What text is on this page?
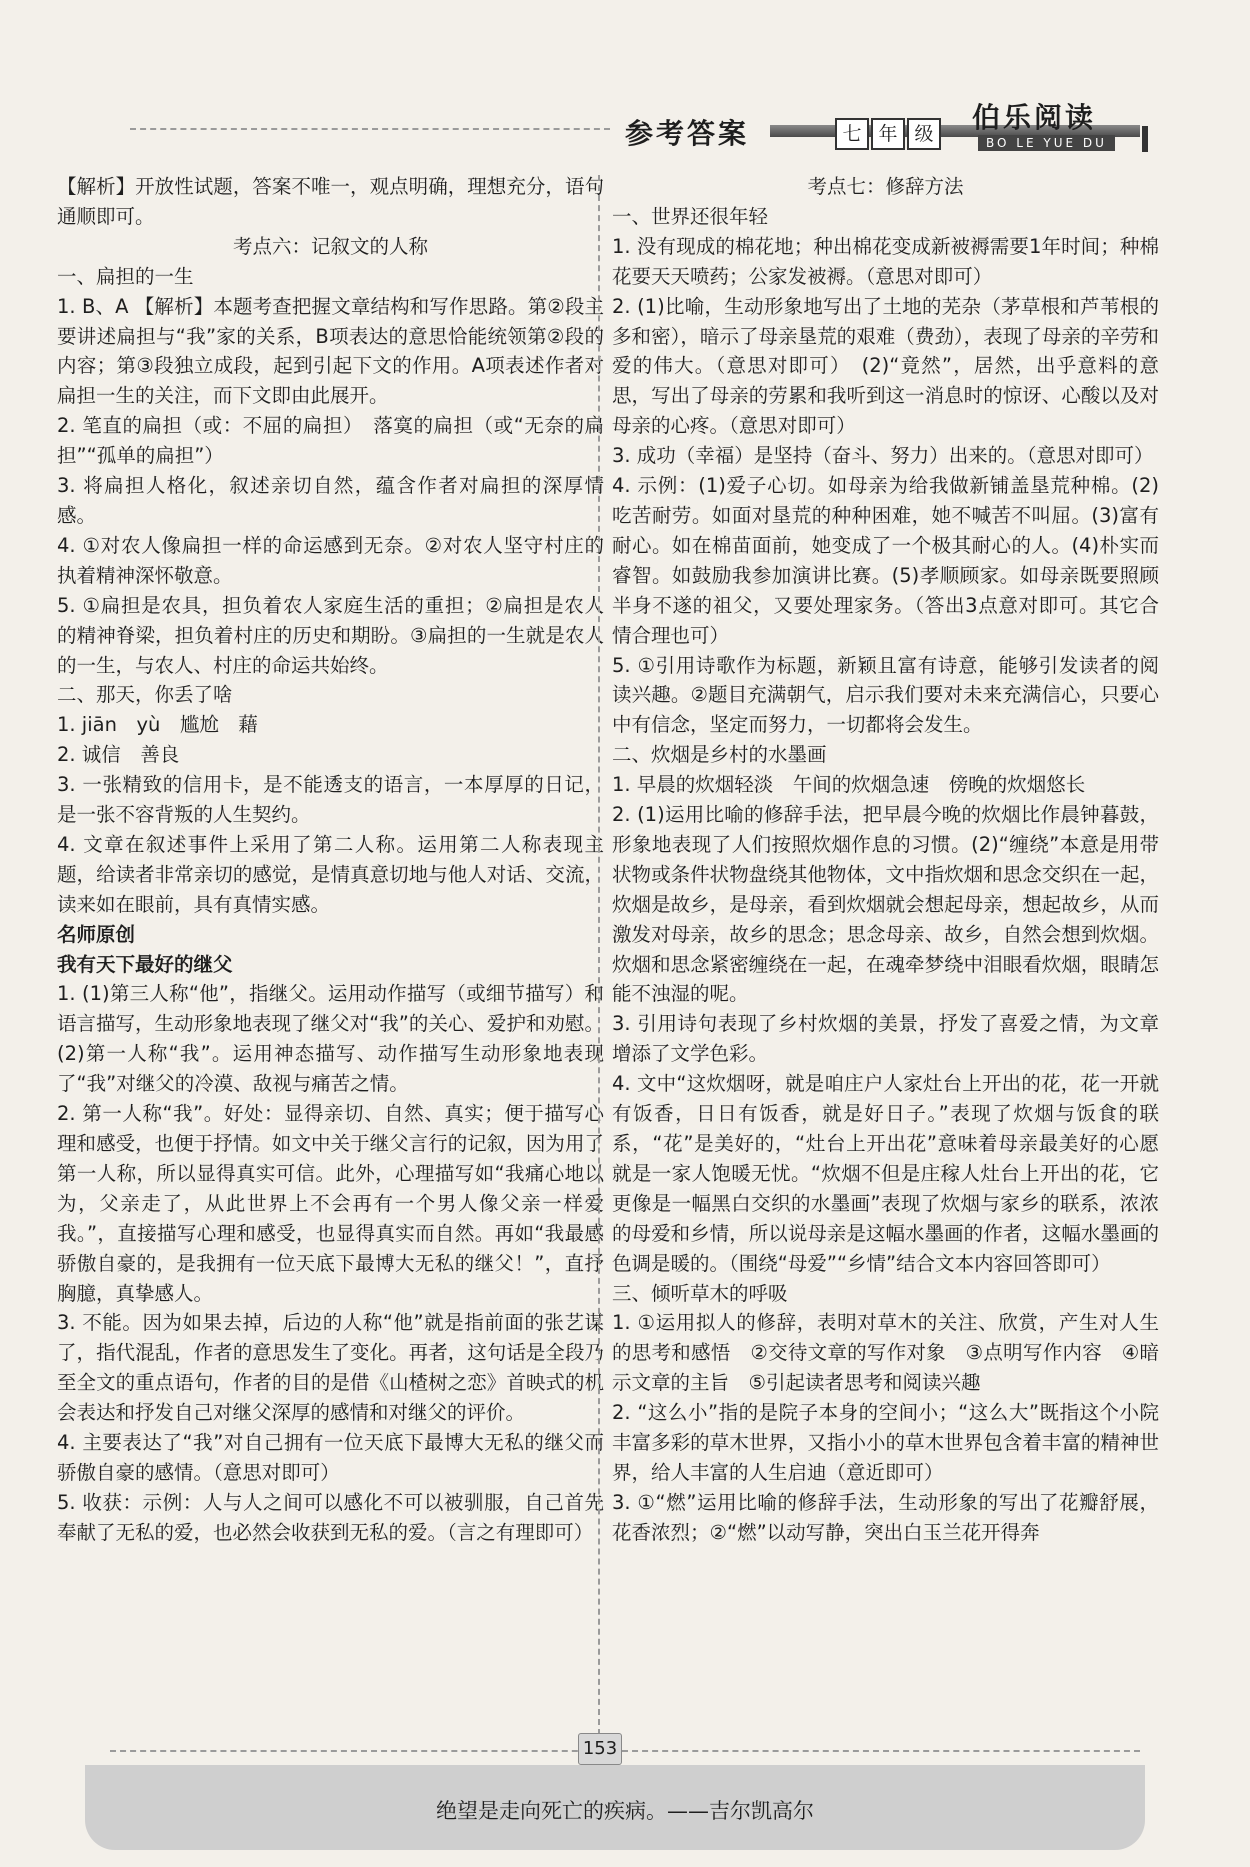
参考答案	七 年 级 伯乐阅读
BO LE YUE DU

【解析】开放性试题，答案不唯一，观点明确，理想充分，语句通顺即可。

考点六：记叙文的人称

一、扁担的一生

1. B、A 【解析】本题考查把握文章结构和写作思路。第②段主要讲述扁担与“我”家的关系，B项表达的意思恰能统领第②段的内容；第③段独立成段，起到引起下文的作用。A项表述作者对扁担一生的关注，而下文即由此展开。

2. 笔直的扁担（或：不屈的扁担）　落寞的扁担（或“无奈的扁担”“孤单的扁担”）

3. 将扁担人格化，叙述亲切自然，蕴含作者对扁担的深厚情感。

4. ①对农人像扁担一样的命运感到无奈。②对农人坚守村庄的执着精神深怀敬意。

5. ①扁担是农具，担负着农人家庭生活的重担；②扁担是农人的精神脊梁，担负着村庄的历史和期盼。③扁担的一生就是农人的一生，与农人、村庄的命运共始终。

二、那天，你丢了啥

1. jiān　yù　尴尬　藉

2. 诚信　善良

3. 一张精致的信用卡，是不能透支的语言，一本厚厚的日记，是一张不容背叛的人生契约。

4. 文章在叙述事件上采用了第二人称。运用第二人称表现主题，给读者非常亲切的感觉，是情真意切地与他人对话、交流，读来如在眼前，具有真情实感。

名师原创

我有天下最好的继父

1. (1)第三人称“他”，指继父。运用动作描写（或细节描写）和语言描写，生动形象地表现了继父对“我”的关心、爱护和劝慰。(2)第一人称“我”。运用神态描写、动作描写生动形象地表现了“我”对继父的冷漠、敌视与痛苦之情。

2. 第一人称“我”。好处：显得亲切、自然、真实；便于描写心理和感受，也便于抒情。如文中关于继父言行的记叙，因为用了第一人称，所以显得真实可信。此外，心理描写如“我痛心地以为，父亲走了，从此世界上不会再有一个男人像父亲一样爱我。”，直接描写心理和感受，也显得真实而自然。再如“我最感骄傲自豪的，是我拥有一位天底下最博大无私的继父！”，直抒胸臆，真挚感人。

3. 不能。因为如果去掉，后边的人称“他”就是指前面的张艺谋了，指代混乱，作者的意思发生了变化。再者，这句话是全段乃至全文的重点语句，作者的目的是借《山楂树之恋》首映式的机会表达和抒发自己对继父深厚的感情和对继父的评价。

4. 主要表达了“我”对自己拥有一位天底下最博大无私的继父而骄傲自豪的感情。（意思对即可）

5. 收获：示例：人与人之间可以感化不可以被驯服，自己首先奉献了无私的爱，也必然会收获到无私的爱。（言之有理即可）

考点七：修辞方法

一、世界还很年轻

1. 没有现成的棉花地；种出棉花变成新被褥需要1年时间；种棉花要天天喷药；公家发被褥。（意思对即可）

2. (1)比喻，生动形象地写出了土地的芜杂（茅草根和芦苇根的多和密），暗示了母亲垦荒的艰难（费劲），表现了母亲的辛劳和爱的伟大。（意思对即可）　(2)“竟然”，居然，出乎意料的意思，写出了母亲的劳累和我听到这一消息时的惊讶、心酸以及对母亲的心疼。（意思对即可）

3. 成功（幸福）是坚持（奋斗、努力）出来的。（意思对即可）

4. 示例：(1)爱子心切。如母亲为给我做新铺盖垦荒种棉。(2)吃苦耐劳。如面对垦荒的种种困难，她不喊苦不叫屈。(3)富有耐心。如在棉苗面前，她变成了一个极其耐心的人。(4)朴实而睿智。如鼓励我参加演讲比赛。(5)孝顺顾家。如母亲既要照顾半身不遂的祖父，又要处理家务。（答出3点意对即可。其它合情合理也可）

5. ①引用诗歌作为标题，新颖且富有诗意，能够引发读者的阅读兴趣。②题目充满朝气，启示我们要对未来充满信心，只要心中有信念，坚定而努力，一切都将会发生。

二、炊烟是乡村的水墨画

1. 早晨的炊烟轻淡　午间的炊烟急速　傍晚的炊烟悠长

2. (1)运用比喻的修辞手法，把早晨今晚的炊烟比作晨钟暮鼓，形象地表现了人们按照炊烟作息的习惯。(2)“缠绕”本意是用带状物或条件状物盘绕其他物体，文中指炊烟和思念交织在一起，炊烟是故乡，是母亲，看到炊烟就会想起母亲，想起故乡，从而激发对母亲，故乡的思念；思念母亲、故乡，自然会想到炊烟。炊烟和思念紧密缠绕在一起，在魂牵梦绕中泪眼看炊烟，眼睛怎能不浊湿的呢。

3. 引用诗句表现了乡村炊烟的美景，抒发了喜爱之情，为文章增添了文学色彩。

4. 文中“这炊烟呀，就是咱庄户人家灶台上开出的花，花一开就有饭香，日日有饭香，就是好日子。”表现了炊烟与饭食的联系，“花”是美好的，“灶台上开出花”意味着母亲最美好的心愿就是一家人饱暖无忧。“炊烟不但是庄稼人灶台上开出的花，它更像是一幅黑白交织的水墨画”表现了炊烟与家乡的联系，浓浓的母爱和乡情，所以说母亲是这幅水墨画的作者，这幅水墨画的色调是暖的。（围绕“母爱”“乡情”结合文本内容回答即可）

三、倾听草木的呼吸

1. ①运用拟人的修辞，表明对草木的关注、欣赏，产生对人生的思考和感悟　②交待文章的写作对象　③点明写作内容　④暗示文章的主旨　⑤引起读者思考和阅读兴趣

2. “这么小”指的是院子本身的空间小；“这么大”既指这个小院丰富多彩的草木世界，又指小小的草木世界包含着丰富的精神世界，给人丰富的人生启迪（意近即可）

3. ①“燃”运用比喻的修辞手法，生动形象的写出了花瓣舒展，花香浓烈；②“燃”以动写静，突出白玉兰花开得奔

153
绝望是走向死亡的疾病。——吉尔凯高尔
